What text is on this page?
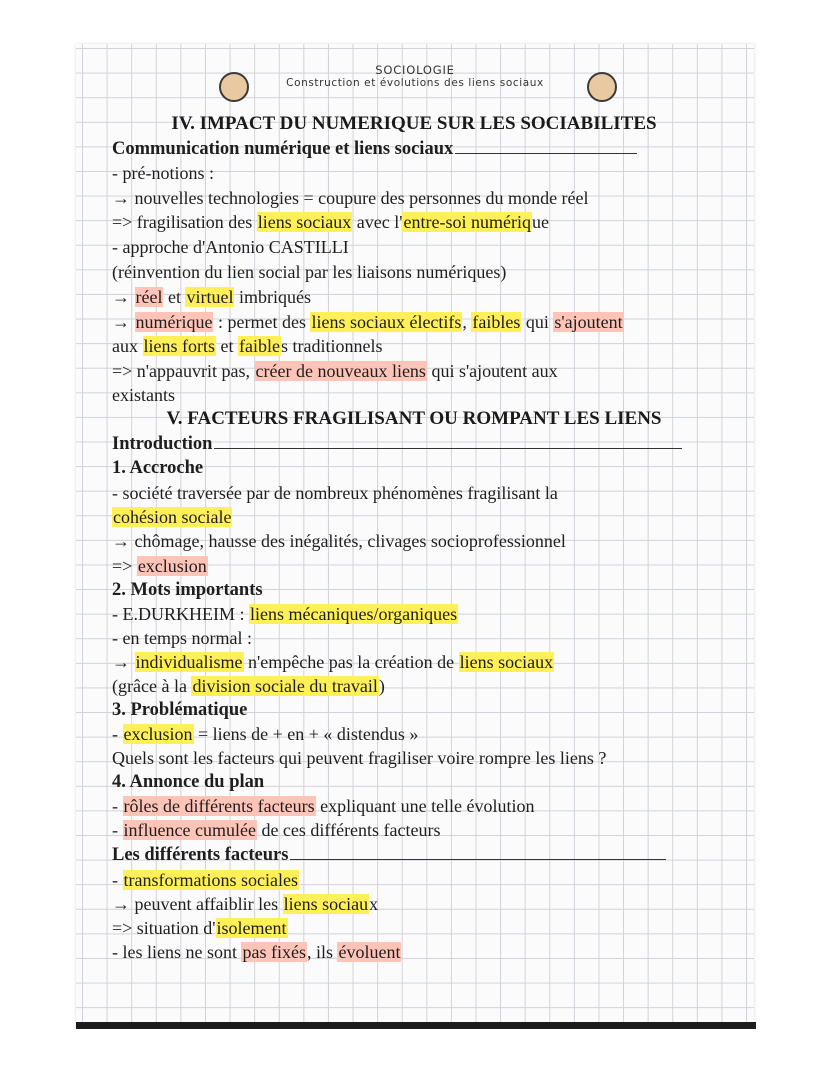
SOCIOLOGIE
Construction et évolutions des liens sociaux
IV. IMPACT DU NUMERIQUE SUR LES SOCIABILITES
Communication numérique et liens sociaux
- pré-notions :
→ nouvelles technologies = coupure des personnes du monde réel
=> fragilisation des liens sociaux avec l'entre-soi numérique
- approche d'Antonio CASTILLI
(réinvention du lien social par les liaisons numériques)
→ réel et virtuel imbriqués
→ numérique : permet des liens sociaux électifs, faibles qui s'ajoutent
aux liens forts et faibles traditionnels
=> n'appauvrit pas, créer de nouveaux liens qui s'ajoutent aux
existants
V. FACTEURS FRAGILISANT OU ROMPANT LES LIENS
Introduction
1. Accroche
- société traversée par de nombreux phénomènes fragilisant la
cohésion sociale
→ chômage, hausse des inégalités, clivages socioprofessionnel
=> exclusion
2. Mots importants
- E.DURKHEIM : liens mécaniques/organiques
- en temps normal :
→ individualisme n'empêche pas la création de liens sociaux
(grâce à la division sociale du travail)
3. Problématique
- exclusion = liens de + en + « distendus »
Quels sont les facteurs qui peuvent fragiliser voire rompre les liens ?
4. Annonce du plan
- rôles de différents facteurs expliquant une telle évolution
- influence cumulée de ces différents facteurs
Les différents facteurs
- transformations sociales
→ peuvent affaiblir les liens sociaux
=> situation d'isolement
- les liens ne sont pas fixés, ils évoluent
